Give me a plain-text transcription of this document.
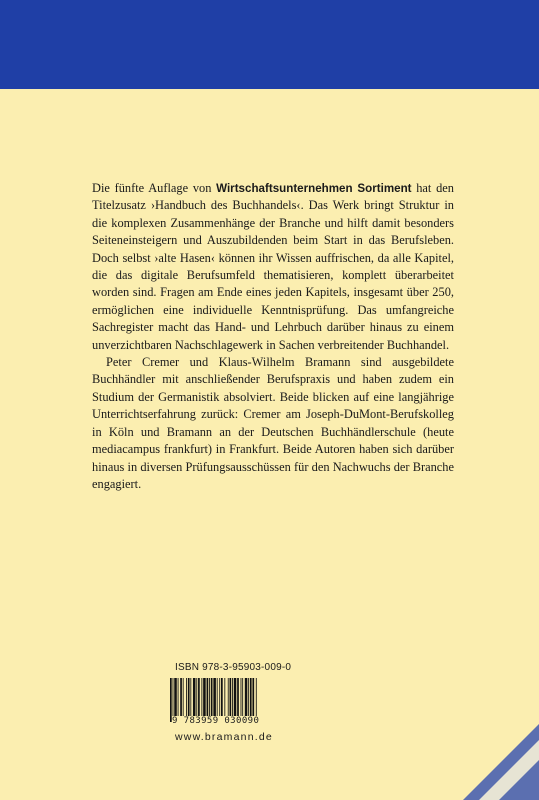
Die fünfte Auflage von Wirtschaftsunternehmen Sortiment hat den Titelzusatz ›Handbuch des Buchhandels‹. Das Werk bringt Struktur in die komplexen Zusammenhänge der Branche und hilft damit besonders Seiteneinsteigern und Auszubildenden beim Start in das Berufsleben. Doch selbst ›alte Hasen‹ können ihr Wissen auffrischen, da alle Kapitel, die das digitale Berufsumfeld thematisieren, komplett überarbeitet worden sind. Fragen am Ende eines jeden Kapitels, insgesamt über 250, ermöglichen eine individuelle Kenntnisprüfung. Das umfangreiche Sachregister macht das Hand- und Lehrbuch darüber hinaus zu einem unverzichtbaren Nachschlagewerk in Sachen verbreitender Buchhandel.

Peter Cremer und Klaus-Wilhelm Bramann sind ausgebildete Buchhändler mit anschließender Berufspraxis und haben zudem ein Studium der Germanistik absolviert. Beide blicken auf eine langjährige Unterrichtserfahrung zurück: Cremer am Joseph-DuMont-Berufskolleg in Köln und Bramann an der Deutschen Buchhändlerschule (heute mediacampus frankfurt) in Frankfurt. Beide Autoren haben sich darüber hinaus in diversen Prüfungsausschüssen für den Nachwuchs der Branche engagiert.

ISBN 978-3-95903-009-0
9 783959 030090
www.bramann.de
